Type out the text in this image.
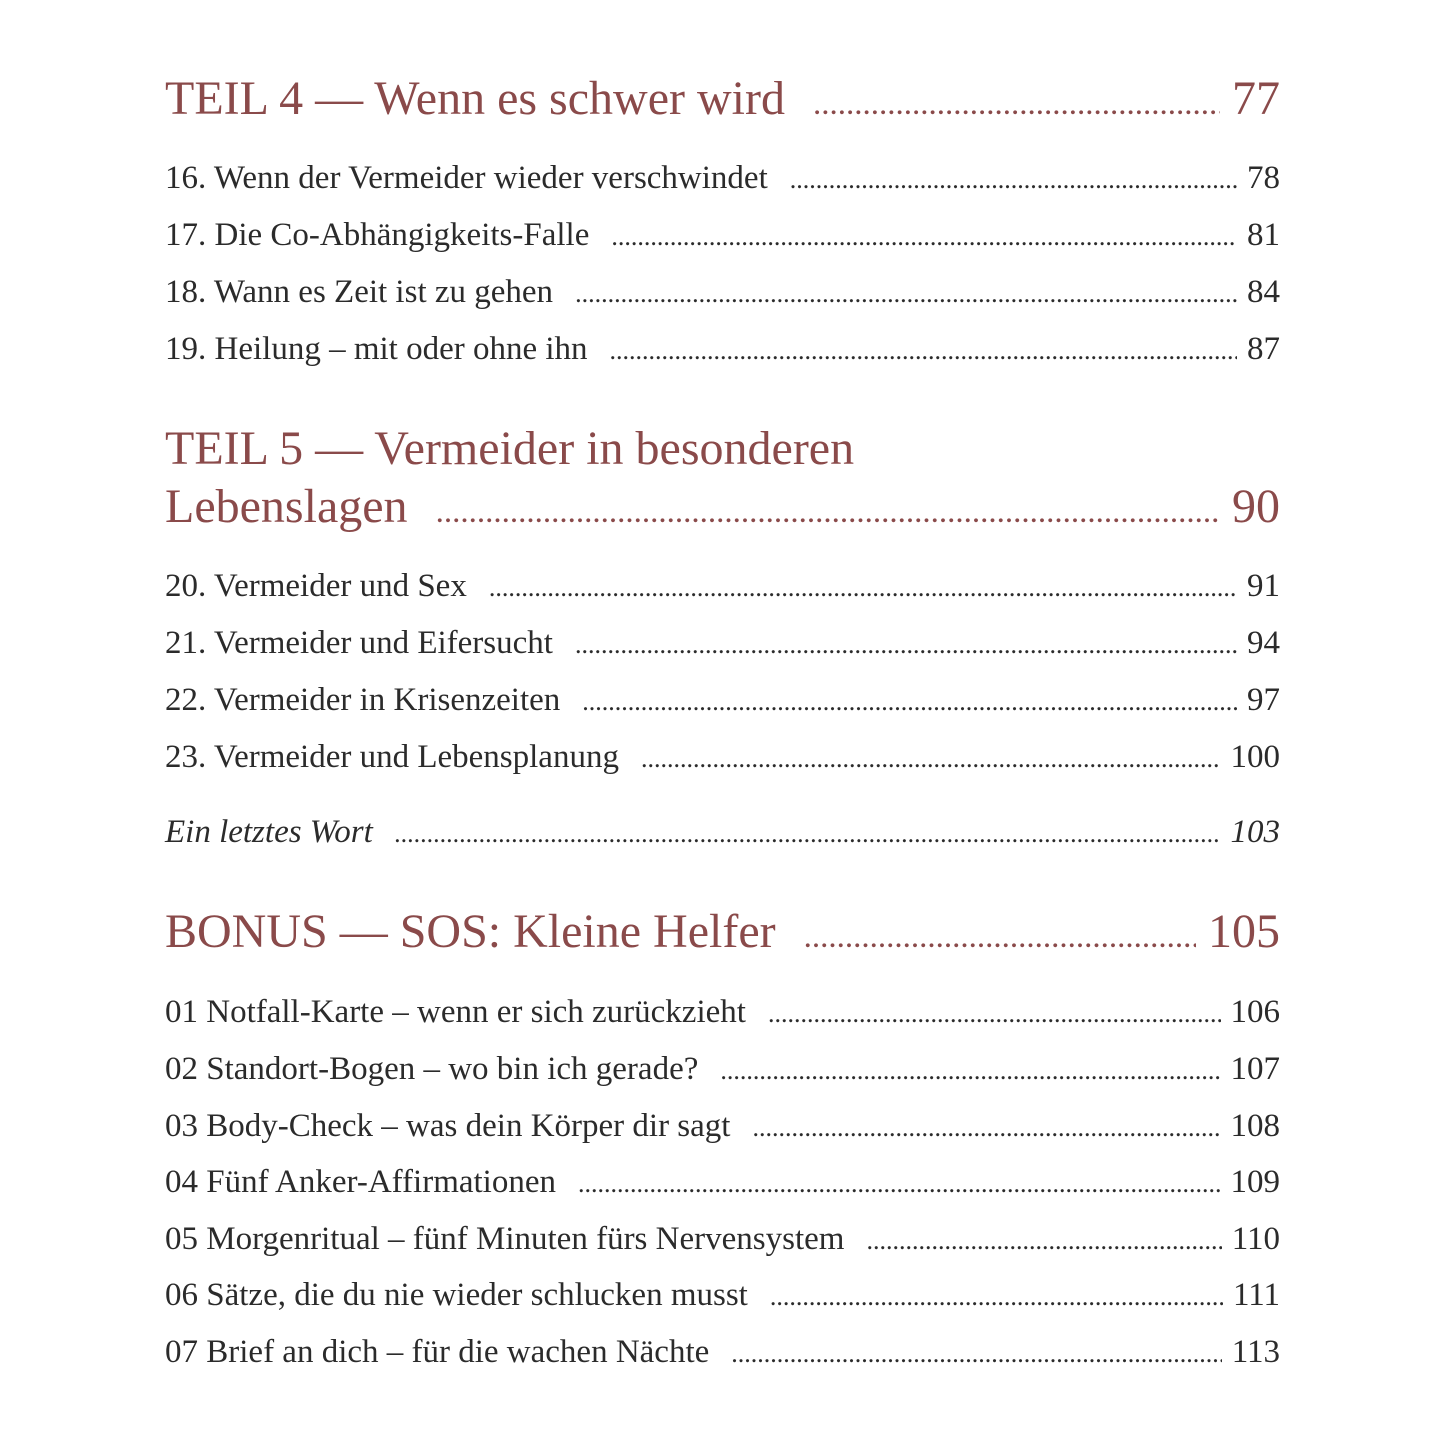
TEIL 4 — Wenn es schwer wird .....	77
16. Wenn der Vermeider wieder verschwindet .....	78
17. Die Co-Abhängigkeits-Falle .....	81
18. Wann es Zeit ist zu gehen .....	84
19. Heilung – mit oder ohne ihn .....	87
TEIL 5 — Vermeider in besonderen
Lebenslagen .....	90
20. Vermeider und Sex .....	91
21. Vermeider und Eifersucht .....	94
22. Vermeider in Krisenzeiten .....	97
23. Vermeider und Lebensplanung .....	100
Ein letztes Wort .....	103
BONUS — SOS: Kleine Helfer .....	105
01 Notfall-Karte – wenn er sich zurückzieht .....	106
02 Standort-Bogen – wo bin ich gerade? .....	107
03 Body-Check – was dein Körper dir sagt .....	108
04 Fünf Anker-Affirmationen .....	109
05 Morgenritual – fünf Minuten fürs Nervensystem .....	110
06 Sätze, die du nie wieder schlucken musst .....	111
07 Brief an dich – für die wachen Nächte .....	113
